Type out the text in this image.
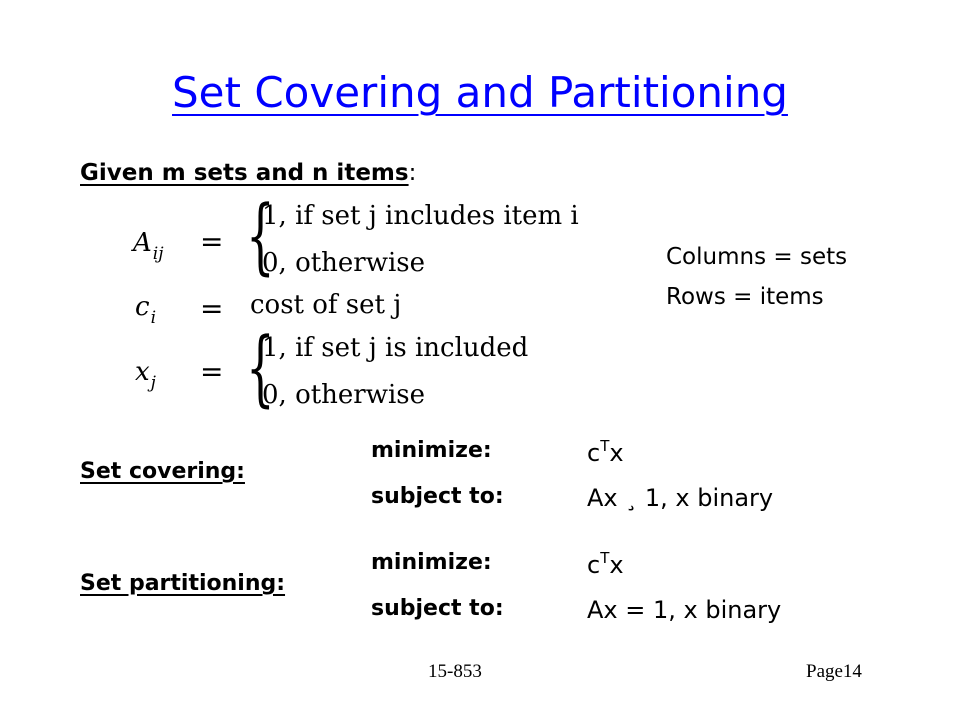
Set Covering and Partitioning
Given m sets and n items:
$A_{ij}$ = {
1, if set j includes item i
0, otherwise
$c_i = \cos t$ of set j
$x_j$ = {
1, if set j is included
0, otherwise
Columns = sets
Rows = items
Set covering:
minimize:	$c^Tx$
subject to:	Ax ¸ 1, x binary
Set partitioning:
minimize:	$c^Tx$
subject to:	Ax = 1, x binary
15-853	Page14
